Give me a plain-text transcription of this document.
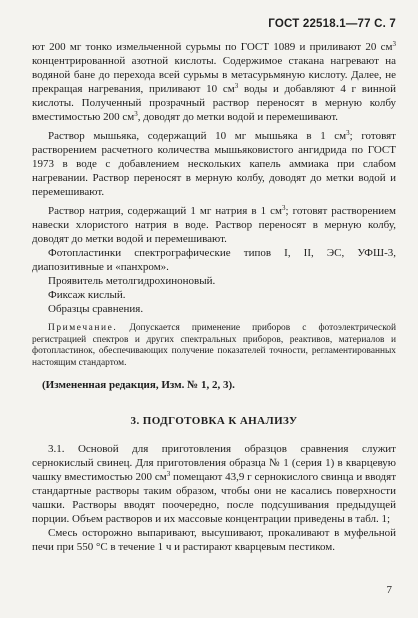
ГОСТ 22518.1—77 С. 7

ют 200 мг тонко измельченной сурьмы по ГОСТ 1089 и приливают 20 $см^3$ концентрированной азотной кислоты. Содержимое стакана нагревают на водяной бане до перехода всей сурьмы в метасурьмяную кислоту. Далее, не прекращая нагревания, приливают 10 $см^3$ воды и добавляют 4 г винной кислоты. Полученный прозрачный раствор переносят в мерную колбу вместимостью 200 $см^3$, доводят до метки водой и перемешивают.

Раствор мышьяка, содержащий 10 мг мышьяка в 1 $см^3$; готовят растворением расчетного количества мышьяковистого ангидрида по ГОСТ 1973 в воде с добавлением нескольких капель аммиака при слабом нагревании. Раствор переносят в мерную колбу, доводят до метки водой и перемешивают.

Раствор натрия, содержащий 1 мг натрия в 1 $см^3$; готовят растворением навески хлористого натрия в воде. Раствор переносят в мерную колбу, доводят до метки водой и перемешивают.

Фотопластинки спектрографические типов I, II, ЭС, УФШ-3, диапозитивные и «панхром».

Проявитель метолгидрохиноновый.

Фиксаж кислый.

Образцы сравнения.

Примечание. Допускается применение приборов с фотоэлектрической регистрацией спектров и других спектральных приборов, реактивов, материалов и фотопластинок, обеспечивающих получение показателей точности, регламентированных настоящим стандартом.

(Измененная редакция, Изм. № 1, 2, 3).

3. ПОДГОТОВКА К АНАЛИЗУ

3.1. Основой для приготовления образцов сравнения служит сернокислый свинец. Для приготовления образца № 1 (серия 1) в кварцевую чашку вместимостью 200 $см^3$ помещают 43,9 г сернокислого свинца и вводят стандартные растворы таким образом, чтобы они не касались поверхности чашки. Растворы вводят поочередно, после подсушивания предыдущей порции. Объем растворов и их массовые концентрации приведены в табл. 1;

Смесь осторожно выпаривают, высушивают, прокаливают в муфельной печи при 550 °С в течение 1 ч и растирают кварцевым пестиком.

7
